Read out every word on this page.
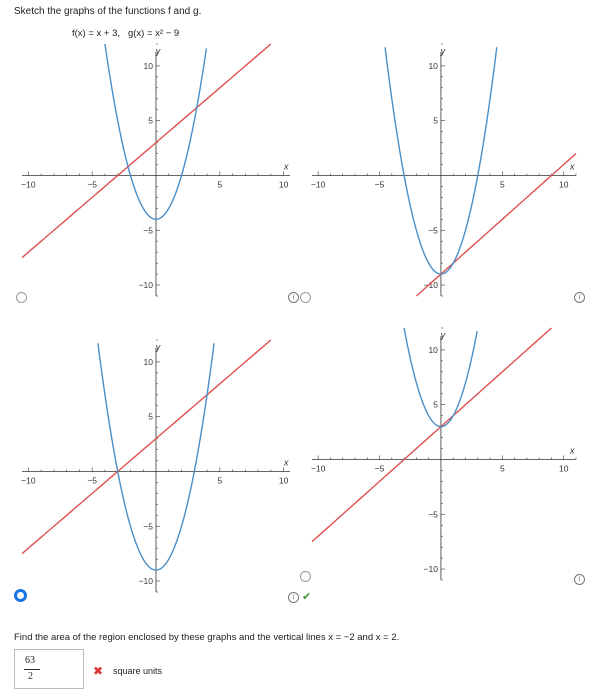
Sketch the graphs of the functions f and g.
f(x) = x + 3,   g(x) = x² − 9
−10	−5	5	10
10
5
−5
−10
x
y
−10	−5	5	10
10
5
−5
−10
x
y
−10	−5	5	10
10
5
−5
−10
x
y
−10	−5	5	10
10
5
−5
−10
x
y
i	i
i ✔
i
Find the area of the region enclosed by these graphs and the vertical lines x = −2 and x = 2.
63
2	✖ square units
